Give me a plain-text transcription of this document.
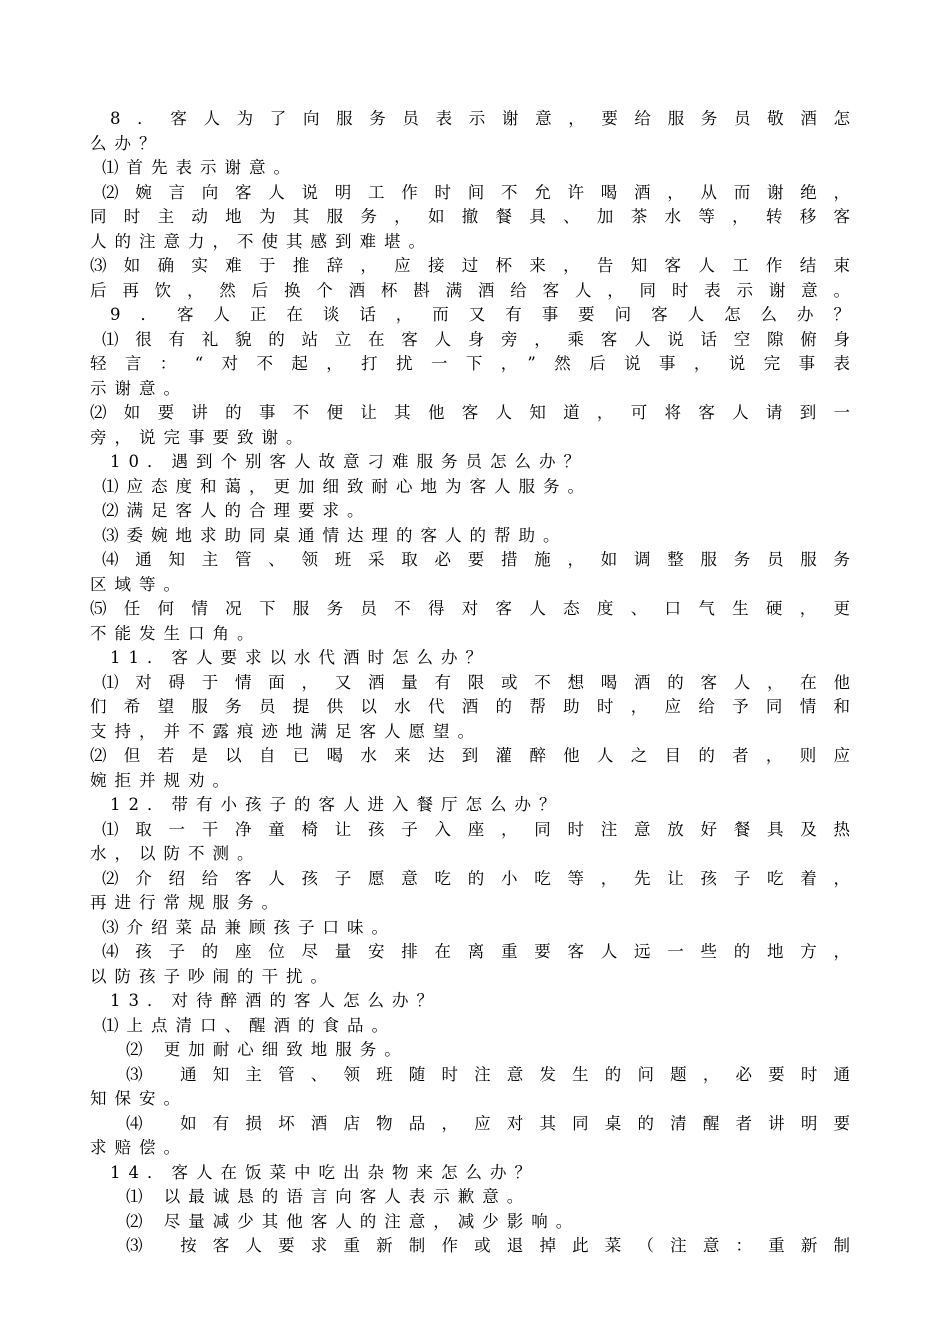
8．客人为了向服务员表示谢意，要给服务员敬酒怎
么办？
⑴首先表示谢意。
⑵婉言向客人说明工作时间不允许喝酒，从而谢绝，
同时主动地为其服务，如撤餐具、加茶水等，转移客
人的注意力，不使其感到难堪。
⑶如确实难于推辞，应接过杯来，告知客人工作结束
后再饮，然后换个酒杯斟满酒给客人，同时表示谢意。
9．客人正在谈话，而又有事要问客人怎么办？
⑴很有礼貌的站立在客人身旁，乘客人说话空隙俯身
轻言：“对不起，打扰一下，”然后说事，说完事表
示谢意。
⑵如要讲的事不便让其他客人知道，可将客人请到一
旁，说完事要致谢。
10．遇到个别客人故意刁难服务员怎么办？
⑴应态度和蔼，更加细致耐心地为客人服务。
⑵满足客人的合理要求。
⑶委婉地求助同桌通情达理的客人的帮助。
⑷通知主管、领班采取必要措施，如调整服务员服务
区域等。
⑸任何情况下服务员不得对客人态度、口气生硬，更
不能发生口角。
11．客人要求以水代酒时怎么办？
⑴对碍于情面，又酒量有限或不想喝酒的客人，在他
们希望服务员提供以水代酒的帮助时，应给予同情和
支持，并不露痕迹地满足客人愿望。
⑵但若是以自已喝水来达到灌醉他人之目的者，则应
婉拒并规劝。
12．带有小孩子的客人进入餐厅怎么办？
⑴取一干净童椅让孩子入座，同时注意放好餐具及热
水，以防不测。
⑵介绍给客人孩子愿意吃的小吃等，先让孩子吃着，
再进行常规服务。
⑶介绍菜品兼顾孩子口味。
⑷孩子的座位尽量安排在离重要客人远一些的地方，
以防孩子吵闹的干扰。
13．对待醉酒的客人怎么办？
⑴上点清口、醒酒的食品。
⑵ 更加耐心细致地服务。
⑶ 通知主管、领班随时注意发生的问题，必要时通
知保安。
⑷ 如有损坏酒店物品，应对其同桌的清醒者讲明要
求赔偿。
14．客人在饭菜中吃出杂物来怎么办？
⑴ 以最诚恳的语言向客人表示歉意。
⑵ 尽量减少其他客人的注意，减少影响。
⑶ 按客人要求重新制作或退掉此菜（注意：重新制
